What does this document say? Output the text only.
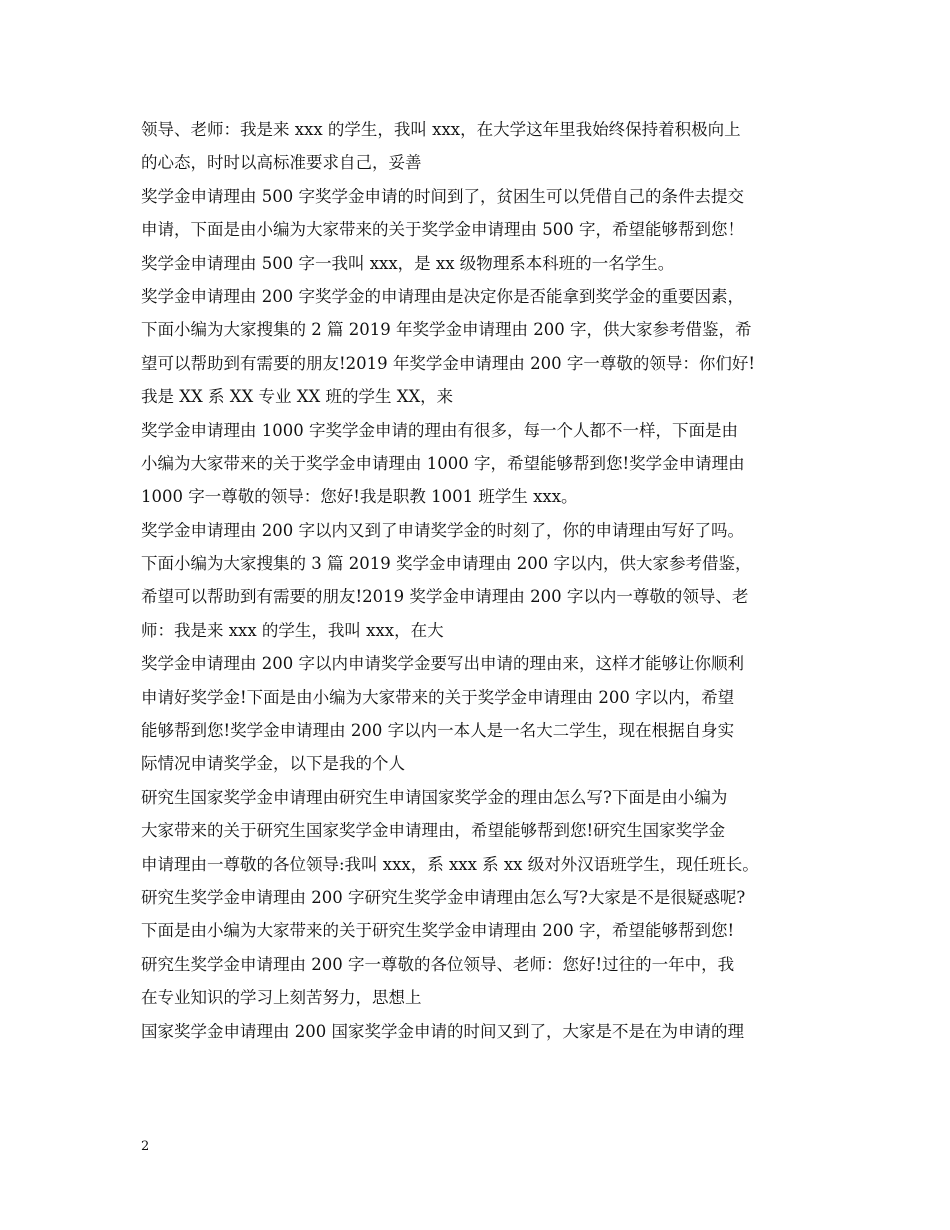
领导、老师：我是来 xxx 的学生，我叫 xxx，在大学这年里我始终保持着积极向上
的心态，时时以高标准要求自己，妥善
奖学金申请理由 500 字奖学金申请的时间到了，贫困生可以凭借自己的条件去提交
申请，下面是由小编为大家带来的关于奖学金申请理由 500 字，希望能够帮到您！
奖学金申请理由 500 字一我叫 xxx，是 xx 级物理系本科班的一名学生。
奖学金申请理由 200 字奖学金的申请理由是决定你是否能拿到奖学金的重要因素，
下面小编为大家搜集的 2 篇 2019 年奖学金申请理由 200 字，供大家参考借鉴，希
望可以帮助到有需要的朋友!2019 年奖学金申请理由 200 字一尊敬的领导：你们好!
我是 XX 系 XX 专业 XX 班的学生 XX，来
奖学金申请理由 1000 字奖学金申请的理由有很多，每一个人都不一样，下面是由
小编为大家带来的关于奖学金申请理由 1000 字，希望能够帮到您!奖学金申请理由
1000 字一尊敬的领导：您好!我是职教 1001 班学生 xxx。
奖学金申请理由 200 字以内又到了申请奖学金的时刻了，你的申请理由写好了吗。
下面小编为大家搜集的 3 篇 2019 奖学金申请理由 200 字以内，供大家参考借鉴，
希望可以帮助到有需要的朋友!2019 奖学金申请理由 200 字以内一尊敬的领导、老
师：我是来 xxx 的学生，我叫 xxx，在大
奖学金申请理由 200 字以内申请奖学金要写出申请的理由来，这样才能够让你顺利
申请好奖学金!下面是由小编为大家带来的关于奖学金申请理由 200 字以内，希望
能够帮到您!奖学金申请理由 200 字以内一本人是一名大二学生，现在根据自身实
际情况申请奖学金，以下是我的个人
研究生国家奖学金申请理由研究生申请国家奖学金的理由怎么写?下面是由小编为
大家带来的关于研究生国家奖学金申请理由，希望能够帮到您!研究生国家奖学金
申请理由一尊敬的各位领导:我叫 xxx，系 xxx 系 xx 级对外汉语班学生，现任班长。
研究生奖学金申请理由 200 字研究生奖学金申请理由怎么写?大家是不是很疑惑呢?
下面是由小编为大家带来的关于研究生奖学金申请理由 200 字，希望能够帮到您!
研究生奖学金申请理由 200 字一尊敬的各位领导、老师：您好!过往的一年中，我
在专业知识的学习上刻苦努力，思想上
国家奖学金申请理由 200 国家奖学金申请的时间又到了，大家是不是在为申请的理
2
